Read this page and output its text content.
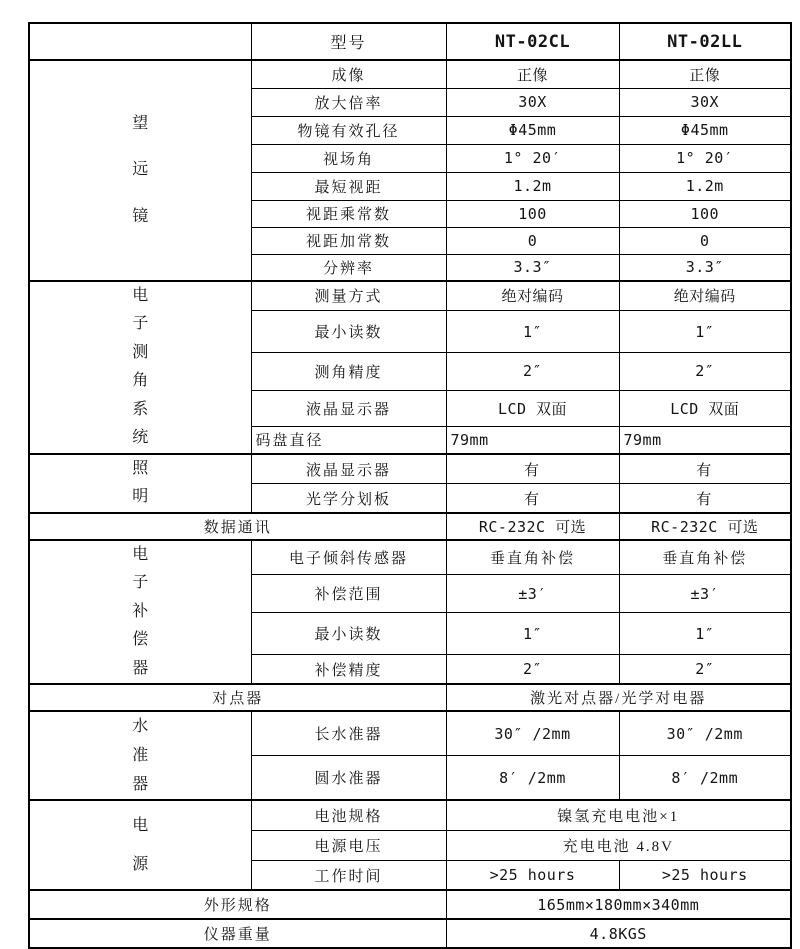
	型号	NT-02CL	NT-02LL
望远镜	成像	正像	正像
	放大倍率	30X	30X
	物镜有效孔径	Φ45mm	Φ45mm
	视场角	1° 20′	1° 20′
	最短视距	1.2m	1.2m
	视距乘常数	100	100
	视距加常数	0	0
	分辨率	3.3″	3.3″
电子测角系统	测量方式	绝对编码	绝对编码
	最小读数	1″	1″
	测角精度	2″	2″
	液晶显示器	LCD 双面	LCD 双面
	码盘直径	79mm	79mm
照明	液晶显示器	有	有
	光学分划板	有	有
数据通讯		RC-232C 可选	RC-232C 可选
电子补偿器	电子倾斜传感器	垂直角补偿	垂直角补偿
	补偿范围	±3′	±3′
	最小读数	1″	1″
	补偿精度	2″	2″
对点器		激光对点器/光学对电器	
水准器	长水准器	30″ /2mm	30″ /2mm
	圆水准器	8′ /2mm	8′ /2mm
电源	电池规格	镍氢充电电池×1	
	电源电压	充电电池 4.8V	
	工作时间	>25 hours	>25 hours
外形规格		165mm×180mm×340mm	
仪器重量		4.8KGS	
